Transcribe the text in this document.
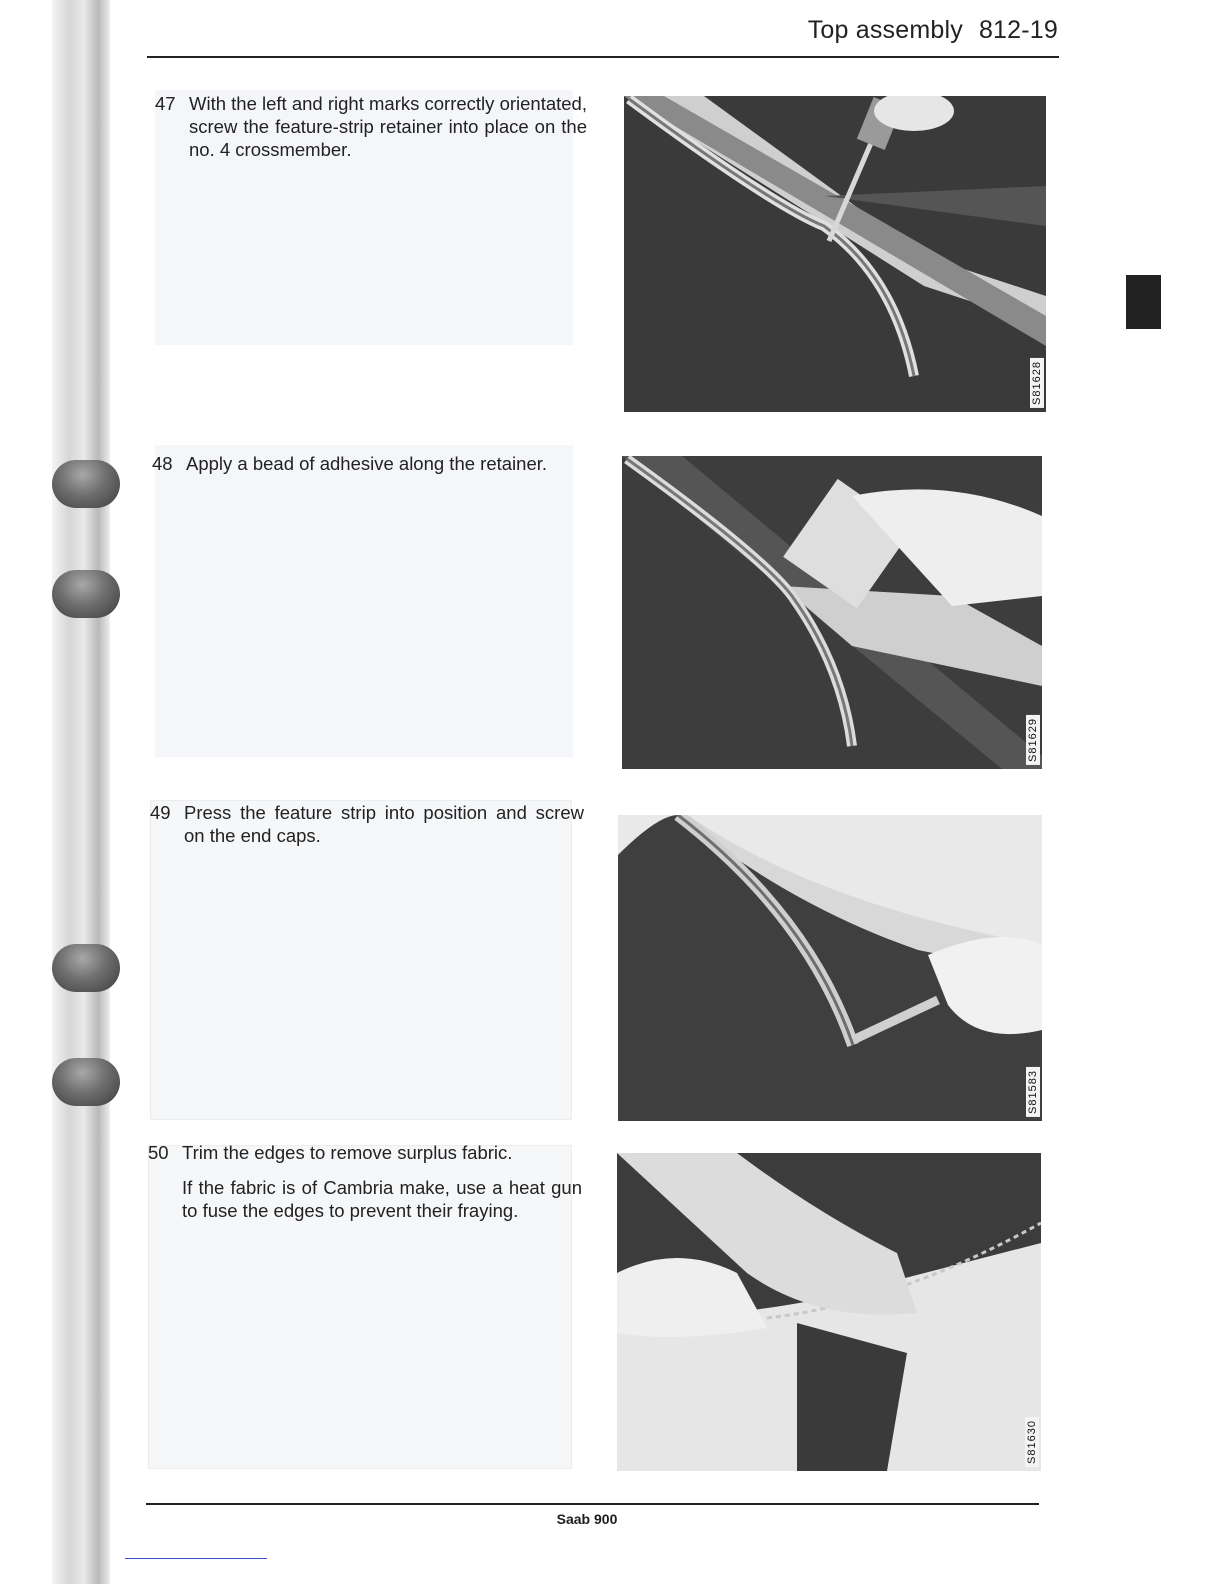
Top assembly 812-19
47 With the left and right marks correctly orientated, screw the feature-strip retainer into place on the no. 4 crossmember.
S81628
48 Apply a bead of adhesive along the retainer.
S81629
49 Press the feature strip into position and screw on the end caps.
S81583
50 Trim the edges to remove surplus fabric.

If the fabric is of Cambria make, use a heat gun to fuse the edges to prevent their fraying.

S81630
Saab 900
